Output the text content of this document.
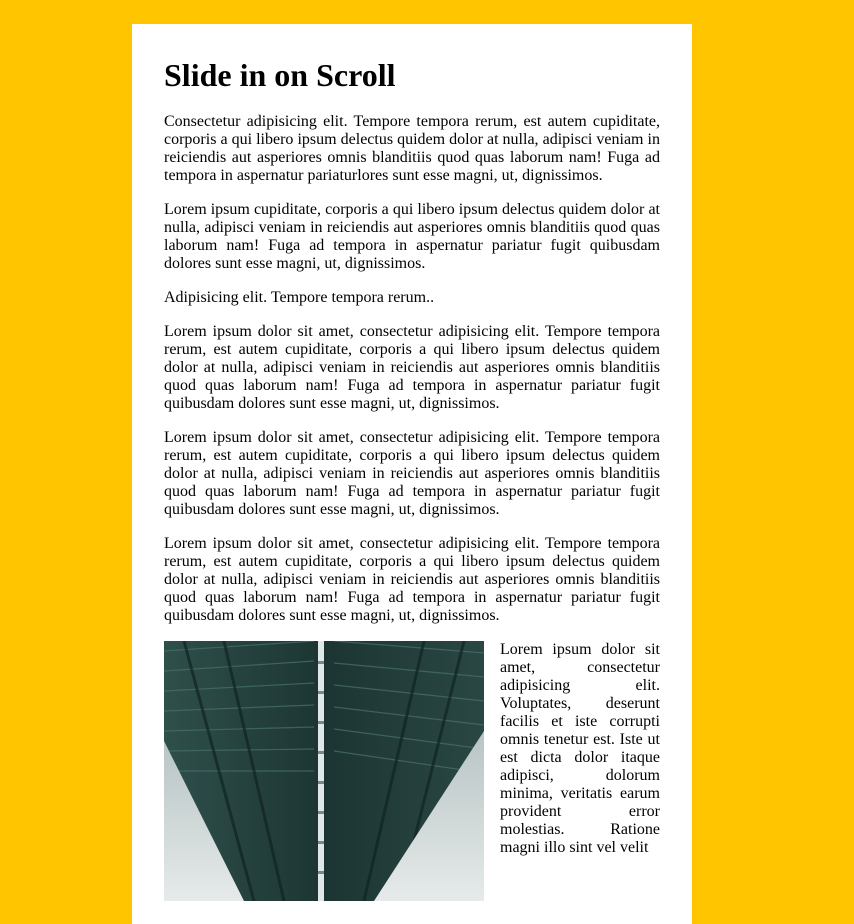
Slide in on Scroll

Consectetur adipisicing elit. Tempore tempora rerum, est autem cupiditate, corporis a qui libero ipsum delectus quidem dolor at nulla, adipisci veniam in reiciendis aut asperiores omnis blanditiis quod quas laborum nam! Fuga ad tempora in aspernatur pariaturlores sunt esse magni, ut, dignissimos.

Lorem ipsum cupiditate, corporis a qui libero ipsum delectus quidem dolor at nulla, adipisci veniam in reiciendis aut asperiores omnis blanditiis quod quas laborum nam! Fuga ad tempora in aspernatur pariatur fugit quibusdam dolores sunt esse magni, ut, dignissimos.

Adipisicing elit. Tempore tempora rerum..

Lorem ipsum dolor sit amet, consectetur adipisicing elit. Tempore tempora rerum, est autem cupiditate, corporis a qui libero ipsum delectus quidem dolor at nulla, adipisci veniam in reiciendis aut asperiores omnis blanditiis quod quas laborum nam! Fuga ad tempora in aspernatur pariatur fugit quibusdam dolores sunt esse magni, ut, dignissimos.

Lorem ipsum dolor sit amet, consectetur adipisicing elit. Tempore tempora rerum, est autem cupiditate, corporis a qui libero ipsum delectus quidem dolor at nulla, adipisci veniam in reiciendis aut asperiores omnis blanditiis quod quas laborum nam! Fuga ad tempora in aspernatur pariatur fugit quibusdam dolores sunt esse magni, ut, dignissimos.

Lorem ipsum dolor sit amet, consectetur adipisicing elit. Tempore tempora rerum, est autem cupiditate, corporis a qui libero ipsum delectus quidem dolor at nulla, adipisci veniam in reiciendis aut asperiores omnis blanditiis quod quas laborum nam! Fuga ad tempora in aspernatur pariatur fugit quibusdam dolores sunt esse magni, ut, dignissimos.

Lorem ipsum dolor sit amet, consectetur adipisicing elit. Voluptates, deserunt facilis et iste corrupti omnis tenetur est. Iste ut est dicta dolor itaque adipisci, dolorum minima, veritatis earum provident error molestias. Ratione magni illo sint vel velit
